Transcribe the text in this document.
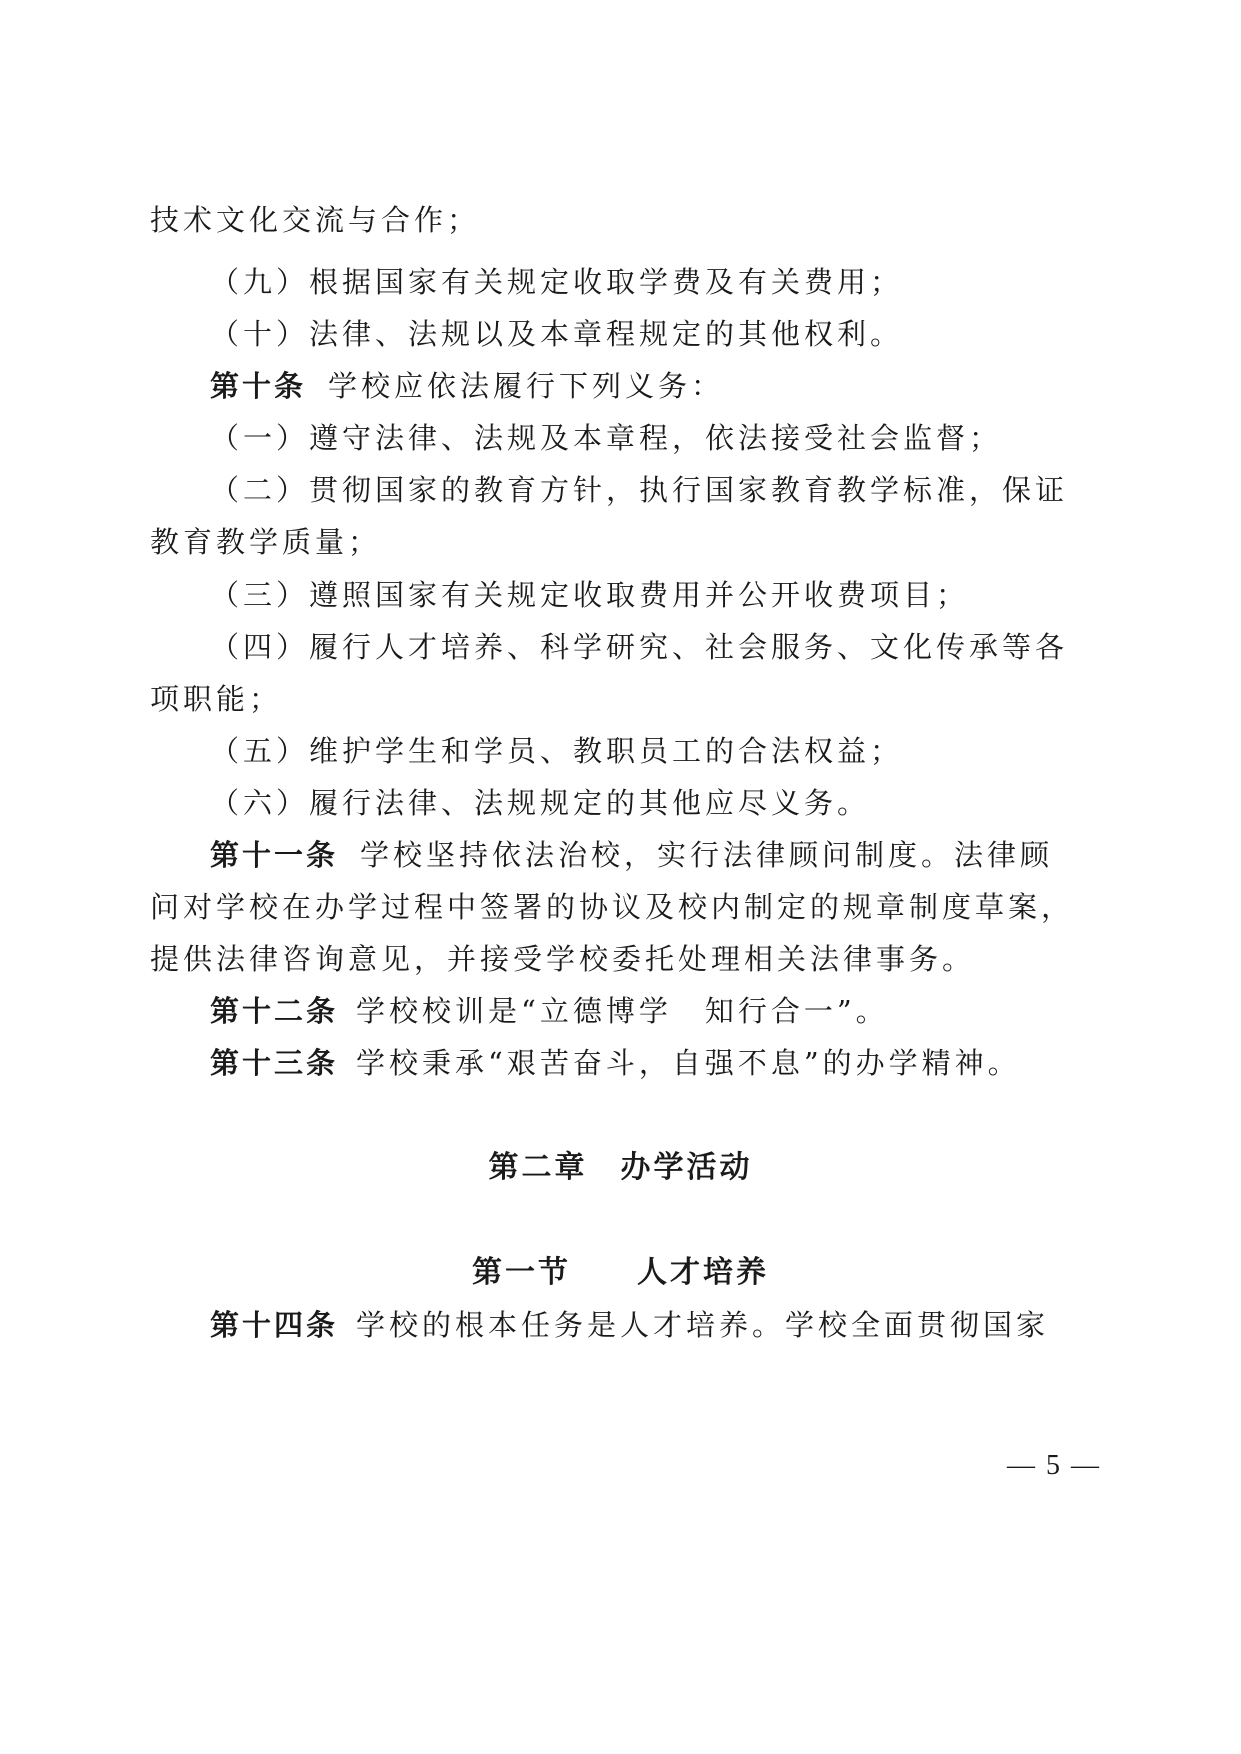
技术文化交流与合作；
（九）根据国家有关规定收取学费及有关费用；
（十）法律、法规以及本章程规定的其他权利。
第十条 学校应依法履行下列义务：
（一）遵守法律、法规及本章程，依法接受社会监督；
（二）贯彻国家的教育方针，执行国家教育教学标准，保证
教育教学质量；
（三）遵照国家有关规定收取费用并公开收费项目；
（四）履行人才培养、科学研究、社会服务、文化传承等各
项职能；
（五）维护学生和学员、教职员工的合法权益；
（六）履行法律、法规规定的其他应尽义务。
第十一条 学校坚持依法治校，实行法律顾问制度。法律顾
问对学校在办学过程中签署的协议及校内制定的规章制度草案，
提供法律咨询意见，并接受学校委托处理相关法律事务。
第十二条 学校校训是“立德博学　知行合一”。
第十三条 学校秉承“艰苦奋斗，自强不息”的办学精神。
第二章　办学活动
第一节　　人才培养
第十四条 学校的根本任务是人才培养。学校全面贯彻国家
— 5 —
